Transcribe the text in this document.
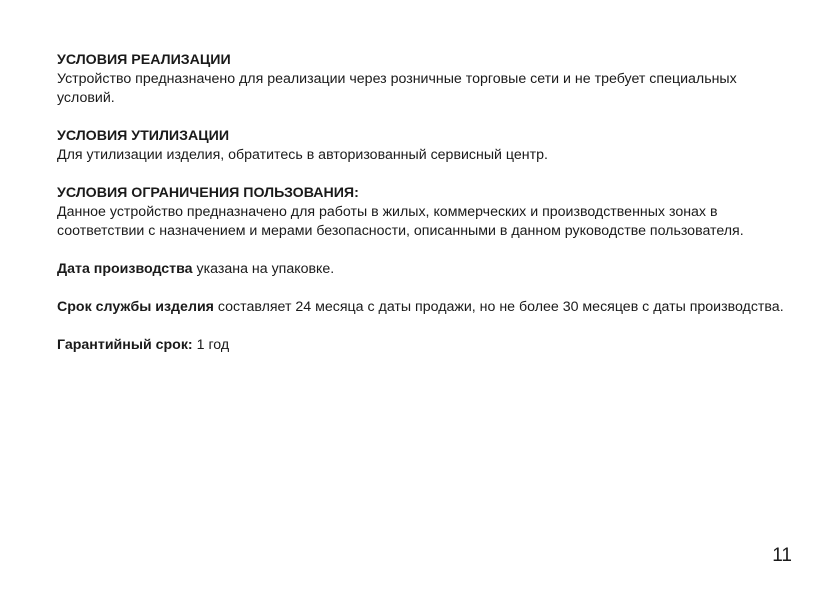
УСЛОВИЯ РЕАЛИЗАЦИИ

Устройство предназначено для реализации через розничные торговые сети и не требует специальных условий.

УСЛОВИЯ УТИЛИЗАЦИИ

Для утилизации изделия, обратитесь в авторизованный сервисный центр.

УСЛОВИЯ ОГРАНИЧЕНИЯ ПОЛЬЗОВАНИЯ:

Данное устройство предназначено для работы в жилых, коммерческих и производственных зонах в соответствии с назначением и мерами безопасности, описанными в данном руководстве пользователя.

Дата производства указана на упаковке.

Срок службы изделия составляет 24 месяца с даты продажи, но не более 30 месяцев с даты производства.

Гарантийный срок: 1 год

11
